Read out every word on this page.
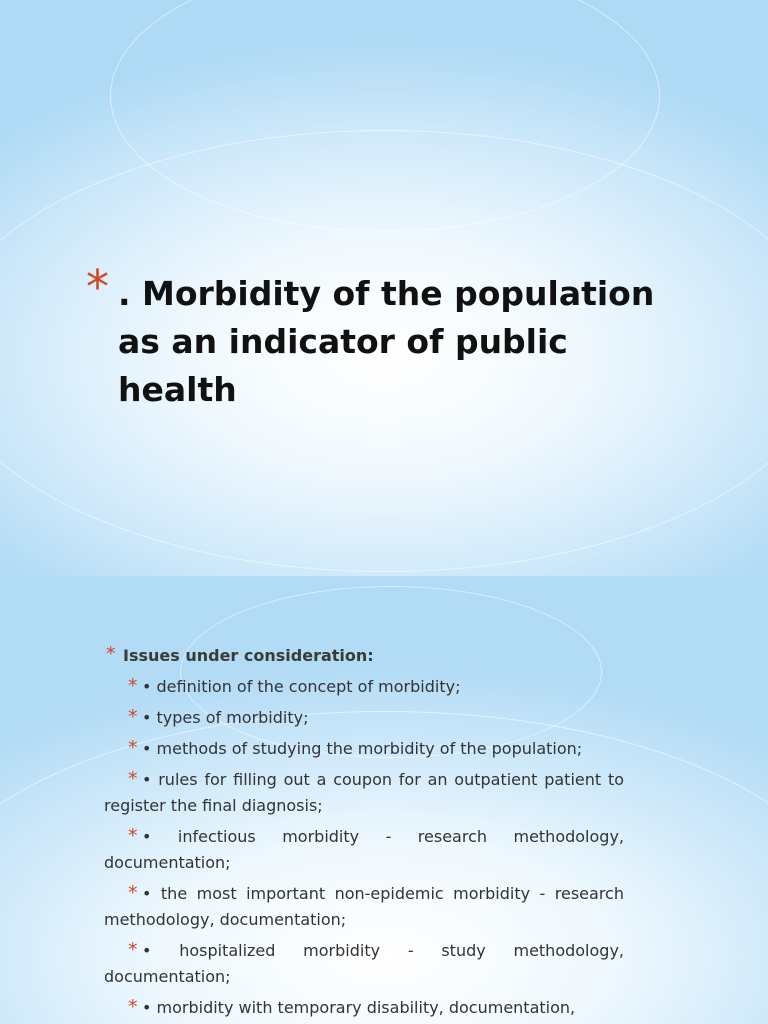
* . Morbidity of the population as an indicator of public health
* Issues under consideration:
* • definition of the concept of morbidity;
* • types of morbidity;
* • methods of studying the morbidity of the population;
* • rules for filling out a coupon for an outpatient patient to register the final diagnosis;
* • infectious morbidity - research methodology, documentation;
* • the most important non-epidemic morbidity - research methodology, documentation;
* • hospitalized morbidity - study methodology, documentation;
* • morbidity with temporary disability, documentation,
